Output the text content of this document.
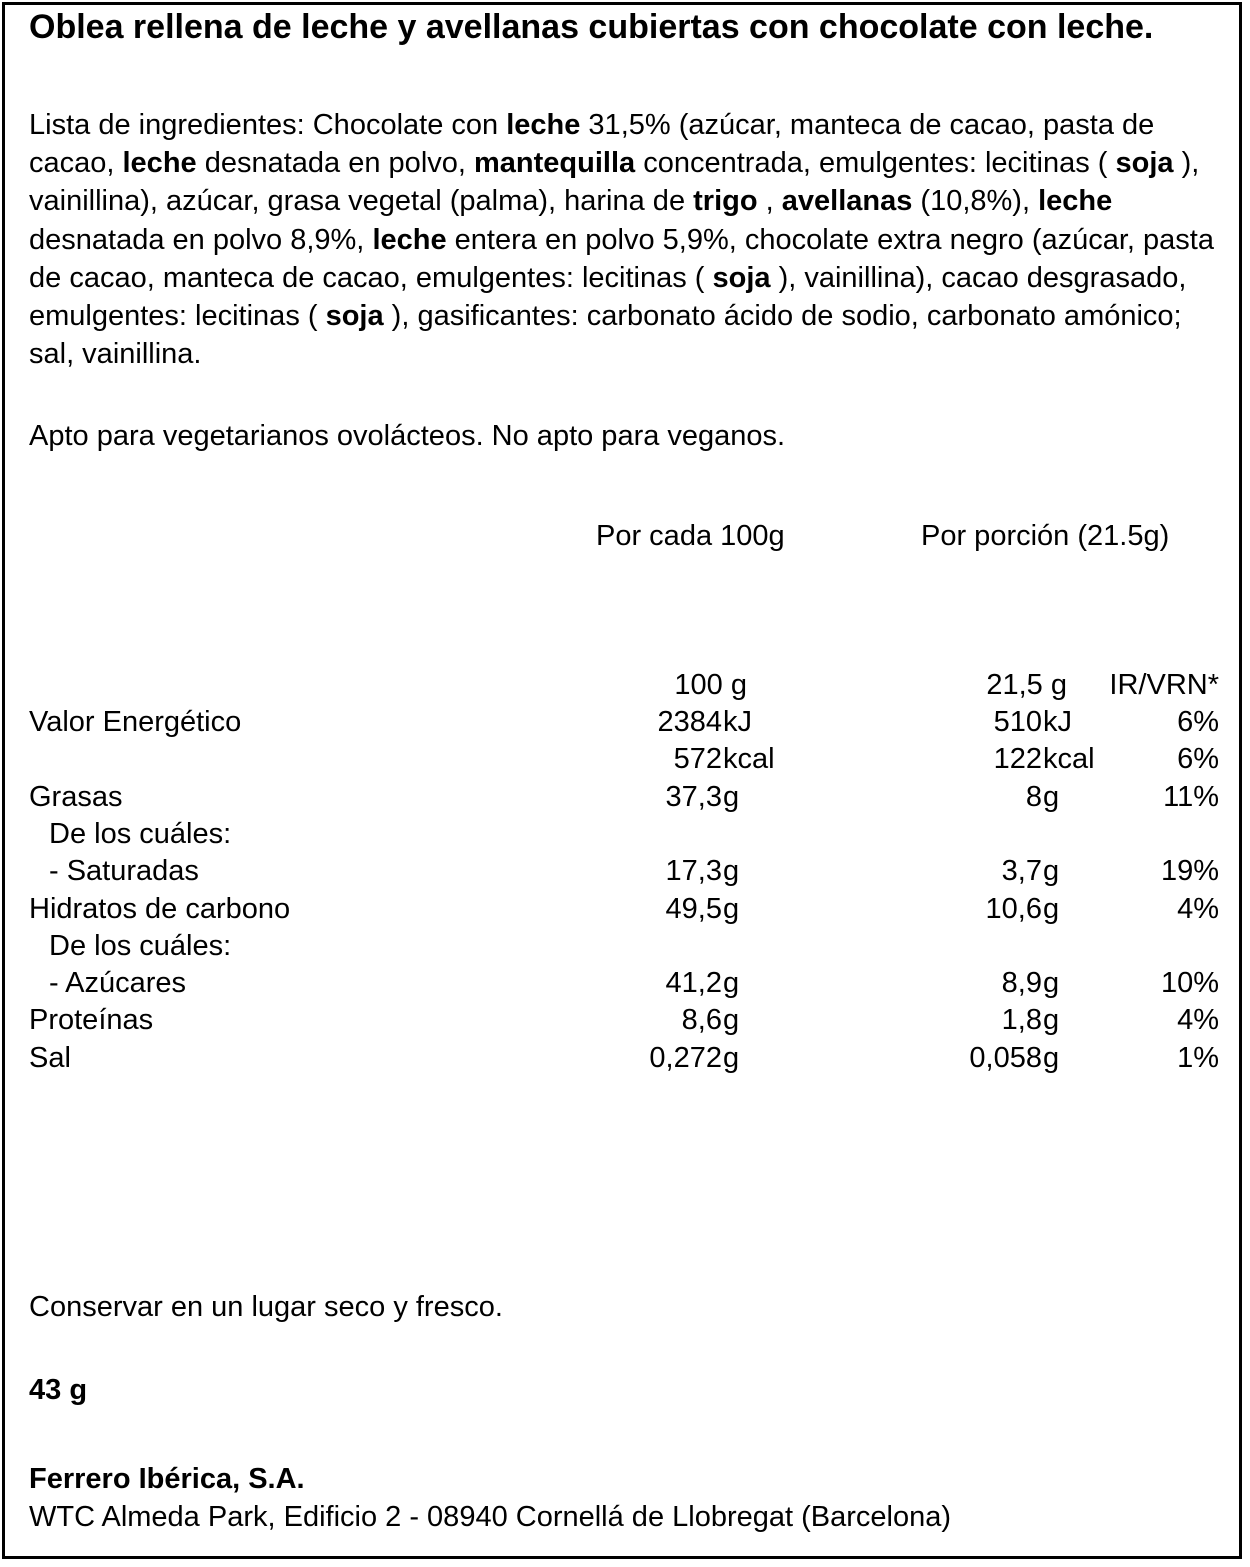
Oblea rellena de leche y avellanas cubiertas con chocolate con leche.
Lista de ingredientes: Chocolate con leche 31,5% (azúcar, manteca de cacao, pasta de cacao, leche desnatada en polvo, mantequilla concentrada, emulgentes: lecitinas ( soja ), vainillina), azúcar, grasa vegetal (palma), harina de trigo , avellanas (10,8%), leche desnatada en polvo 8,9%, leche entera en polvo 5,9%, chocolate extra negro (azúcar, pasta de cacao, manteca de cacao, emulgentes: lecitinas ( soja ), vainillina), cacao desgrasado, emulgentes: lecitinas ( soja ), gasificantes: carbonato ácido de sodio, carbonato amónico; sal, vainillina.
Apto para vegetarianos ovolácteos. No apto para veganos.
Por cada 100g	Por porción (21.5g)
100 g	21,5 g	IR/VRN*
Valor Energético	2384 kJ	510 kJ	6%
572 kcal	122 kcal	6%
Grasas	37,3 g	8 g	11%
De los cuáles:
- Saturadas	17,3 g	3,7 g	19%
Hidratos de carbono	49,5 g	10,6 g	4%
De los cuáles:
- Azúcares	41,2 g	8,9 g	10%
Proteínas	8,6 g	1,8 g	4%
Sal	0,272 g	0,058 g	1%
Conservar en un lugar seco y fresco.
43 g
Ferrero Ibérica, S.A.
WTC Almeda Park, Edificio 2 - 08940 Cornellá de Llobregat (Barcelona)
